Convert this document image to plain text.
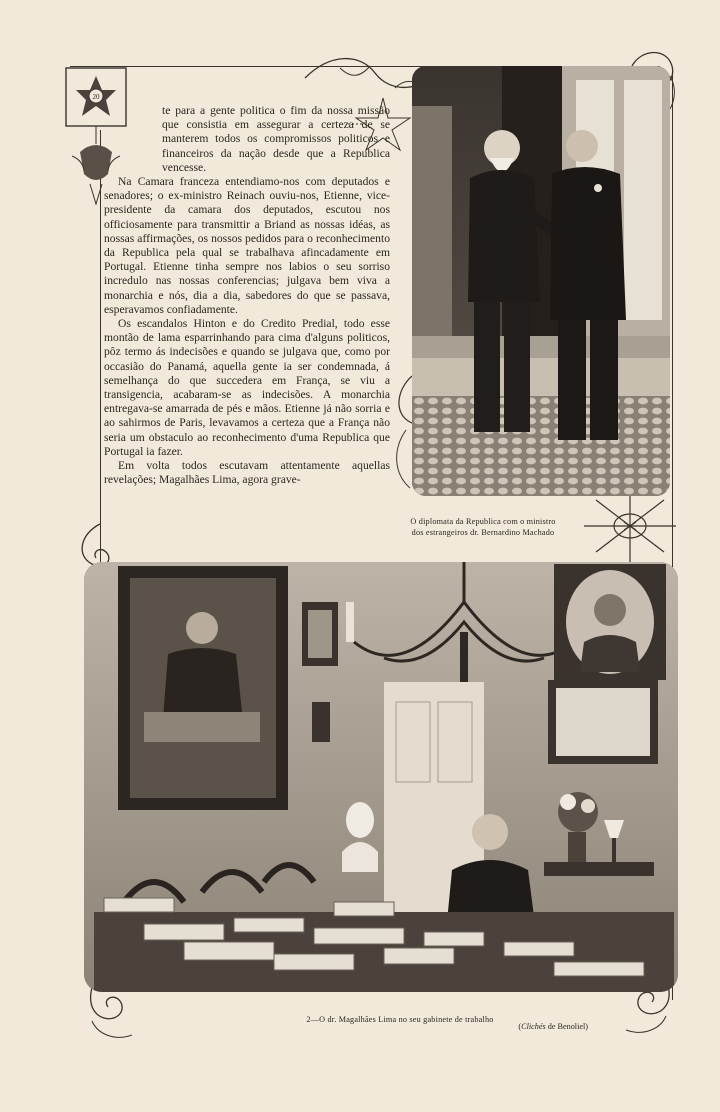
20

te para a gente politica o fim da nossa missão que consistia em assegurar a certeza de se manterem todos os compromissos politicos e financeiros da nação desde que a Republica vencesse.

Na Camara franceza entendiamo-nos com deputados e senadores; o ex-ministro Reinach ouviu-nos, Etienne, vice-presidente da camara dos deputados, escutou nos officiosamente para transmittir a Briand as nossas idéas, as nossas affirmações, os nossos pedidos para o reconhecimento da Republica pela qual se trabalhava afincadamente em Portugal. Etienne tinha sempre nos labios o seu sorriso incredulo nas nossas conferencias; julgava bem viva a monarchia e nós, dia a dia, sabedores do que se passava, esperavamos confiadamente.

Os escandalos Hinton e do Credito Predial, todo esse montão de lama esparrinhando para cima d'alguns politicos, pôz termo ás indecisões e quando se julgava que, como por occasião do Panamá, aquella gente ia ser condemnada, á semelhança do que succedera em França, se viu a transigencia, acabaram-se as indecisões. A monarchia entregava-se amarrada de pés e mãos. Etienne já não sorria e ao sahirmos de Paris, levavamos a certeza que a França não seria um obstaculo ao reconhecimento d'uma Republica que Portugal ia fazer.

Em volta todos escutavam attentamente aquellas revelações; Magalhães Lima, agora grave-

O diplomata da Republica com o ministro
dos estrangeiros dr. Bernardino Machado
2—O dr. Magalhães Lima no seu gabinete de trabalho
(Clichés de Benoliel)
